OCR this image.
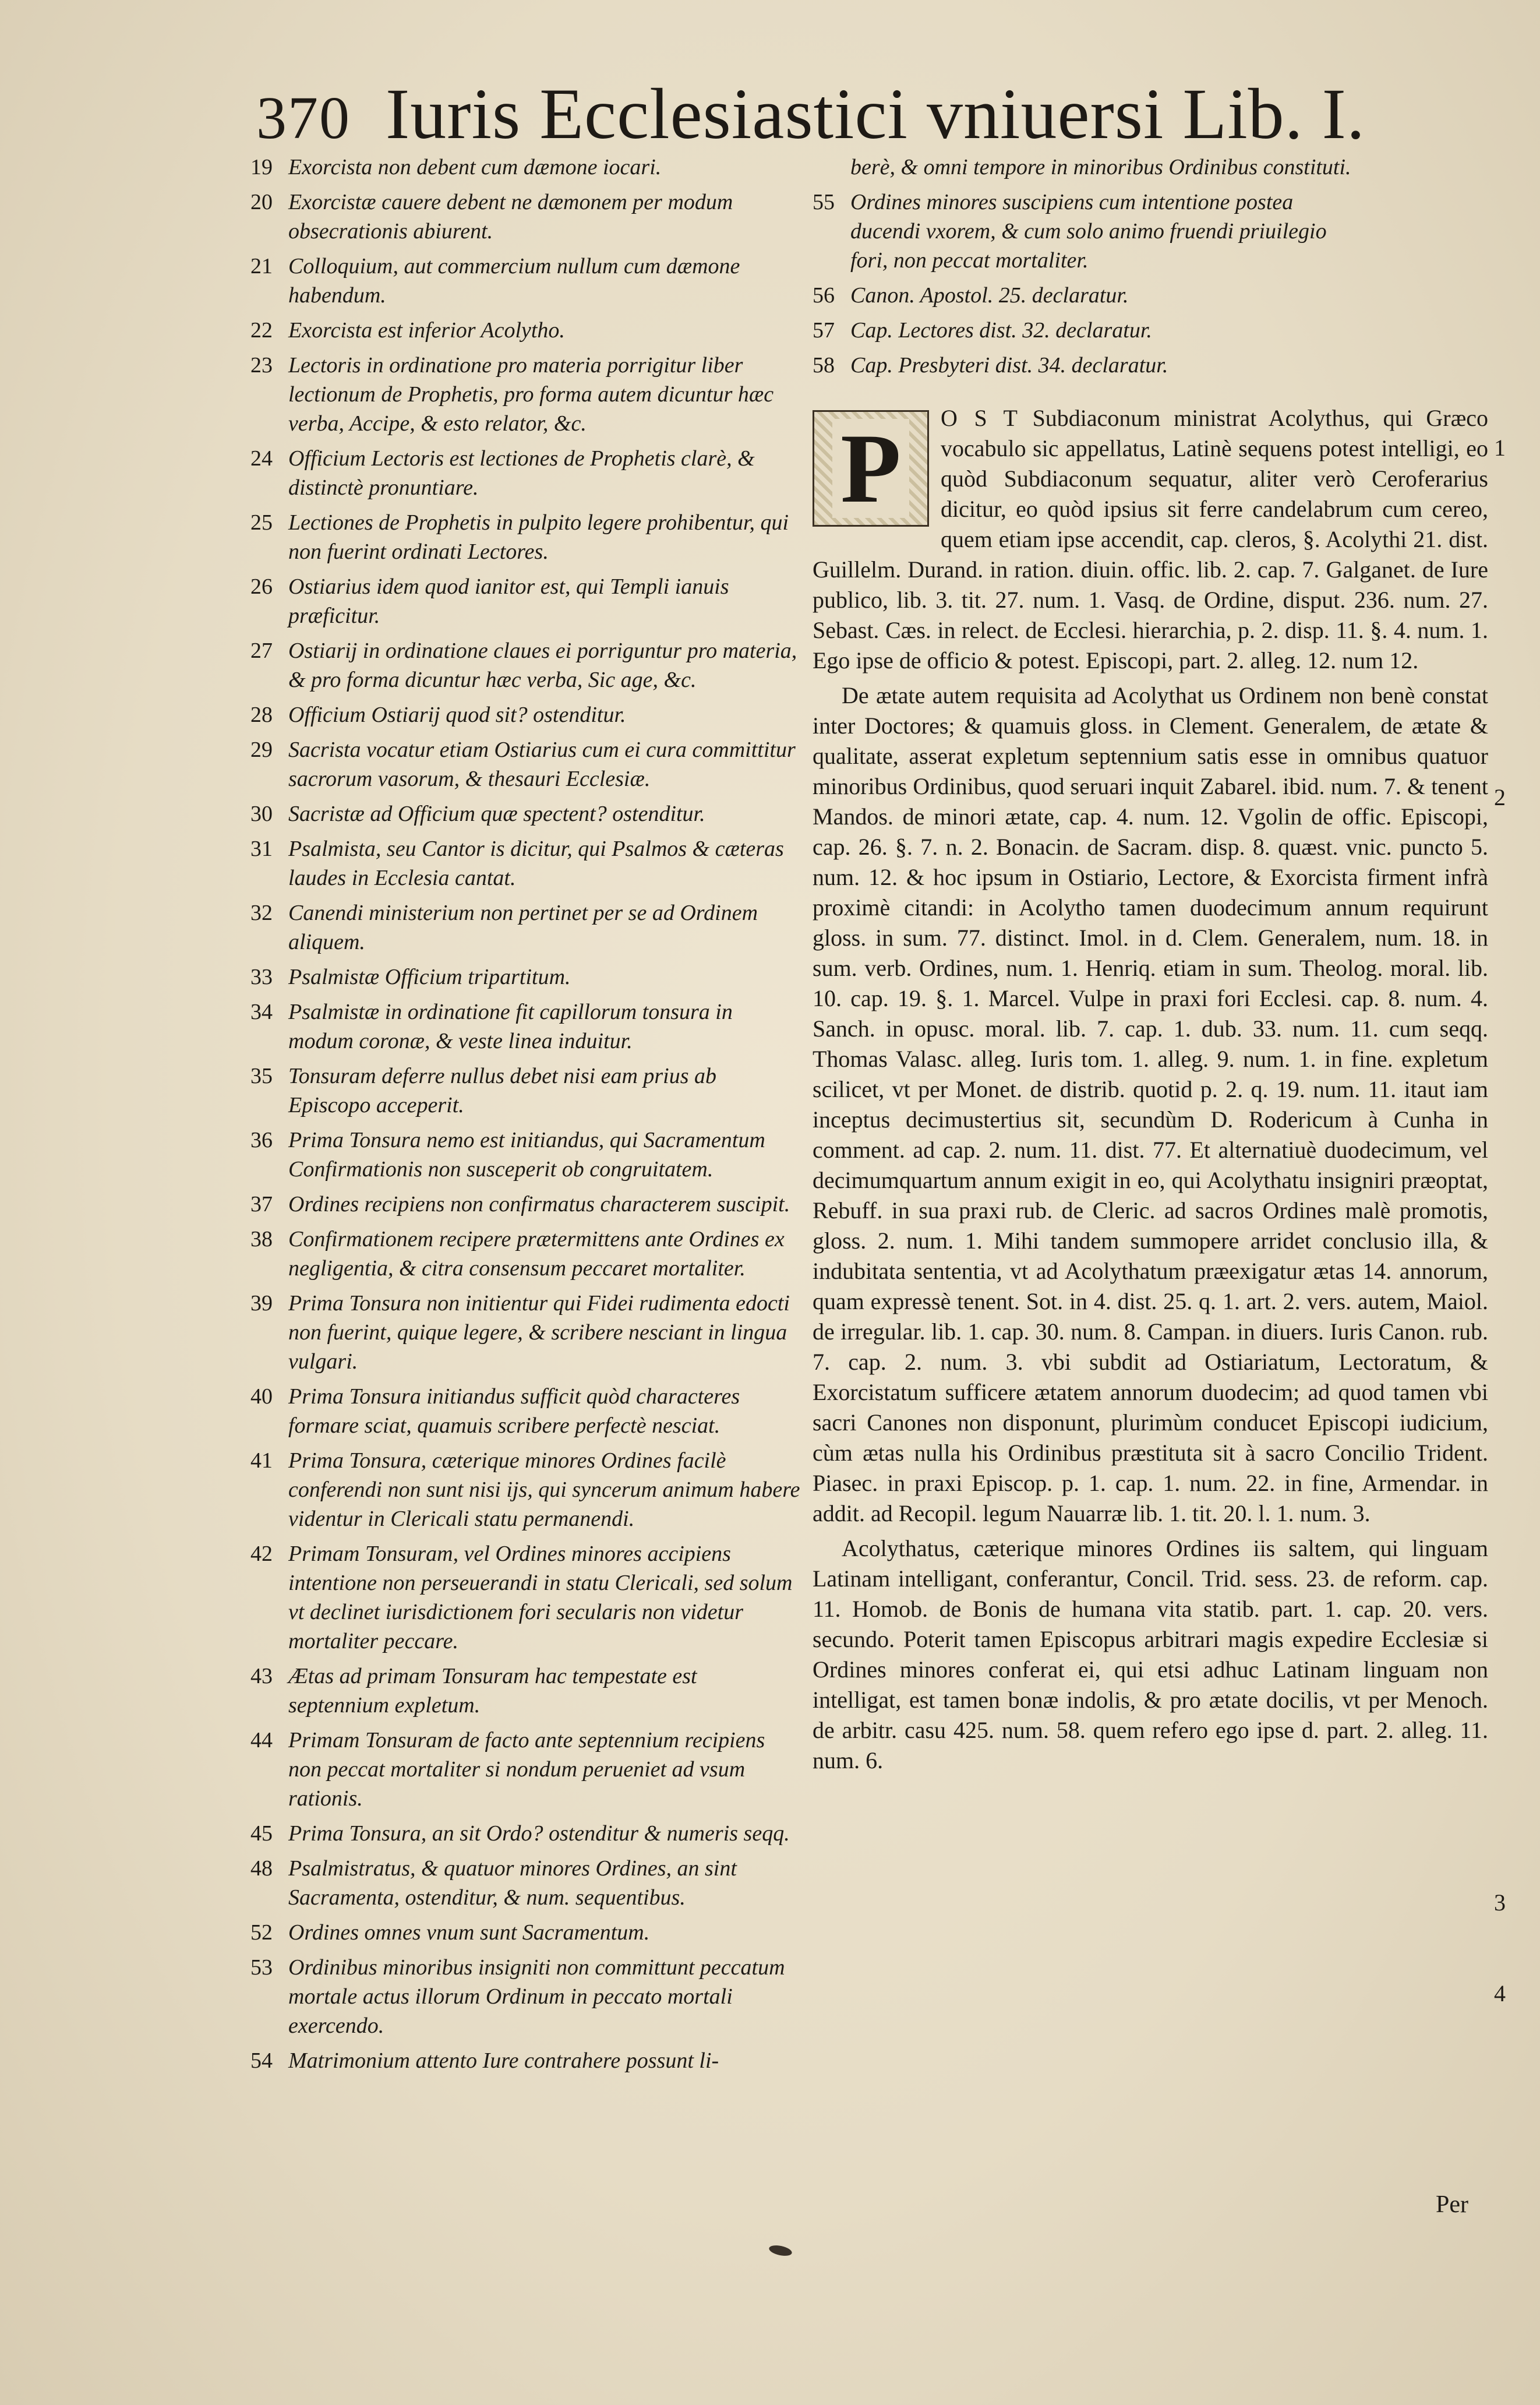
370 Iuris Ecclesiastici vniuersi Lib. I.
19 Exorcista non debent cum dæmone iocari.
20 Exorcistæ cauere debent ne dæmonem per modum obsecrationis abiurent.
21 Colloquium, aut commercium nullum cum dæmone habendum.
22 Exorcista est inferior Acolytho.
23 Lectoris in ordinatione pro materia porrigitur liber lectionum de Prophetis, pro forma autem dicuntur hæc verba, Accipe, & esto relator, &c.
24 Officium Lectoris est lectiones de Prophetis clarè, & distinctè pronuntiare.
25 Lectiones de Prophetis in pulpito legere prohibentur, qui non fuerint ordinati Lectores.
26 Ostiarius idem quod ianitor est, qui Templi ianuis præficitur.
27 Ostiarij in ordinatione claues ei porriguntur pro materia, & pro forma dicuntur hæc verba, Sic age, &c.
28 Officium Ostiarij quod sit? ostenditur.
29 Sacrista vocatur etiam Ostiarius cum ei cura committitur sacrorum vasorum, & thesauri Ecclesiæ.
30 Sacristæ ad Officium quæ spectent? ostenditur.
31 Psalmista, seu Cantor is dicitur, qui Psalmos & cæteras laudes in Ecclesia cantat.
32 Canendi ministerium non pertinet per se ad Ordinem aliquem.
33 Psalmistæ Officium tripartitum.
34 Psalmistæ in ordinatione fit capillorum tonsura in modum coronæ, & veste linea induitur.
35 Tonsuram deferre nullus debet nisi eam prius ab Episcopo acceperit.
36 Prima Tonsura nemo est initiandus, qui Sacramentum Confirmationis non susceperit ob congruitatem.
37 Ordines recipiens non confirmatus characterem suscipit.
38 Confirmationem recipere prætermittens ante Ordines ex negligentia, & citra consensum peccaret mortaliter.
39 Prima Tonsura non initientur qui Fidei rudimenta edocti non fuerint, quique legere, & scribere nesciant in lingua vulgari.
40 Prima Tonsura initiandus sufficit quòd characteres formare sciat, quamuis scribere perfectè nesciat.
41 Prima Tonsura, cæterique minores Ordines facilè conferendi non sunt nisi ijs, qui syncerum animum habere videntur in Clericali statu permanendi.
42 Primam Tonsuram, vel Ordines minores accipiens intentione non perseuerandi in statu Clericali, sed solum vt declinet iurisdictionem fori secularis non videtur mortaliter peccare.
43 Ætas ad primam Tonsuram hac tempestate est septennium expletum.
44 Primam Tonsuram de facto ante septennium recipiens non peccat mortaliter si nondum perueniet ad vsum rationis.
45 Prima Tonsura, an sit Ordo? ostenditur & numeris seqq.
48 Psalmistratus, & quatuor minores Ordines, an sint Sacramenta, ostenditur, & num. sequentibus.
52 Ordines omnes vnum sunt Sacramentum.
53 Ordinibus minoribus insigniti non committunt peccatum mortale actus illorum Ordinum in peccato mortali exercendo.
54 Matrimonium attento Iure contrahere possunt li-
berè, & omni tempore in minoribus Ordinibus constituti.
55 Ordines minores suscipiens cum intentione postea ducendi vxorem, & cum solo animo fruendi priuilegio fori, non peccat mortaliter.
56 Canon. Apostol. 25. declaratur.
57 Cap. Lectores dist. 32. declaratur.
58 Cap. Presbyteri dist. 34. declaratur.
P	O S T Subdiaconum ministrat Acolythus, qui Græco vocabulo sic appellatus, Latinè sequens potest intelligi, eo quòd Subdiaconum sequatur, aliter verò Ceroferarius dicitur, eo quòd ipsius sit ferre candelabrum cum cereo, quem etiam ipse accendit, cap. cleros, §. Acolythi 21. dist. Guillelm. Durand. in ration. diuin. offic. lib. 2. cap. 7. Galganet. de Iure publico, lib. 3. tit. 27. num. 1. Vasq. de Ordine, disput. 236. num. 27. Sebast. Cæs. in relect. de Ecclesi. hierarchia, p. 2. disp. 11. §. 4. num. 1. Ego ipse de officio & potest. Episcopi, part. 2. alleg. 12. num 12.

De ætate autem requisita ad Acolythat us Ordinem non benè constat inter Doctores; & quamuis gloss. in Clement. Generalem, de ætate & qualitate, asserat expletum septennium satis esse in omnibus quatuor minoribus Ordinibus, quod seruari inquit Zabarel. ibid. num. 7. & tenent Mandos. de minori ætate, cap. 4. num. 12. Vgolin de offic. Episcopi, cap. 26. §. 7. n. 2. Bonacin. de Sacram. disp. 8. quæst. vnic. puncto 5. num. 12. & hoc ipsum in Ostiario, Lectore, & Exorcista firment infrà proximè citandi: in Acolytho tamen duodecimum annum requirunt gloss. in sum. 77. distinct. Imol. in d. Clem. Generalem, num. 18. in sum. verb. Ordines, num. 1. Henriq. etiam in sum. Theolog. moral. lib. 10. cap. 19. §. 1. Marcel. Vulpe in praxi fori Ecclesi. cap. 8. num. 4. Sanch. in opusc. moral. lib. 7. cap. 1. dub. 33. num. 11. cum seqq. Thomas Valasc. alleg. Iuris tom. 1. alleg. 9. num. 1. in fine. expletum scilicet, vt per Monet. de distrib. quotid p. 2. q. 19. num. 11. itaut iam inceptus decimustertius sit, secundùm D. Rodericum à Cunha in comment. ad cap. 2. num. 11. dist. 77. Et alternatiuè duodecimum, vel decimumquartum annum exigit in eo, qui Acolythatu insigniri præoptat, Rebuff. in sua praxi rub. de Cleric. ad sacros Ordines malè promotis, gloss. 2. num. 1. Mihi tandem summopere arridet conclusio illa, & indubitata sententia, vt ad Acolythatum præexigatur ætas 14. annorum, quam expressè tenent. Sot. in 4. dist. 25. q. 1. art. 2. vers. autem, Maiol. de irregular. lib. 1. cap. 30. num. 8. Campan. in diuers. Iuris Canon. rub. 7. cap. 2. num. 3. vbi subdit ad Ostiariatum, Lectoratum, & Exorcistatum sufficere ætatem annorum duodecim; ad quod tamen vbi sacri Canones non disponunt, plurimùm conducet Episcopi iudicium, cùm ætas nulla his Ordinibus præstituta sit à sacro Concilio Trident. Piasec. in praxi Episcop. p. 1. cap. 1. num. 22. in fine, Armendar. in addit. ad Recopil. legum Nauarræ lib. 1. tit. 20. l. 1. num. 3.

Acolythatus, cæterique minores Ordines iis saltem, qui linguam Latinam intelligant, conferantur, Concil. Trid. sess. 23. de reform. cap. 11. Homob. de Bonis de humana vita statib. part. 1. cap. 20. vers. secundo. Poterit tamen Episcopus arbitrari magis expedire Ecclesiæ si Ordines minores conferat ei, qui etsi adhuc Latinam linguam non intelligat, est tamen bonæ indolis, & pro ætate docilis, vt per Menoch. de arbitr. casu 425. num. 58. quem refero ego ipse d. part. 2. alleg. 11. num. 6.

1
2
3
4
Per
